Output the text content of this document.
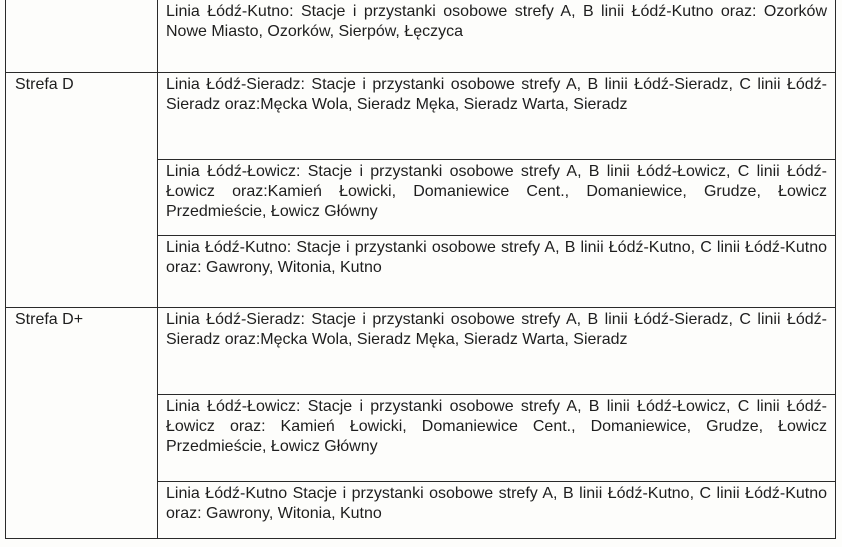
	Linia Łódź-Kutno: Stacje i przystanki osobowe strefy A, B linii Łódź-Kutno oraz: Ozorków Nowe Miasto, Ozorków, Sierpów, Łęczyca

Strefa D	Linia Łódź-Sieradz: Stacje i przystanki osobowe strefy A, B linii Łódź-Sieradz, C linii Łódź-Sieradz oraz:Męcka Wola, Sieradz Męka, Sieradz Warta, Sieradz
	Linia Łódź-Łowicz: Stacje i przystanki osobowe strefy A, B linii Łódź-Łowicz, C linii Łódź-Łowicz oraz:Kamień Łowicki, Domaniewice Cent., Domaniewice, Grudze, Łowicz Przedmieście, Łowicz Główny
	Linia Łódź-Kutno: Stacje i przystanki osobowe strefy A, B linii Łódź-Kutno, C linii Łódź-Kutno oraz: Gawrony, Witonia, Kutno

Strefa D+	Linia Łódź-Sieradz: Stacje i przystanki osobowe strefy A, B linii Łódź-Sieradz, C linii Łódź-Sieradz oraz:Męcka Wola, Sieradz Męka, Sieradz Warta, Sieradz
	Linia Łódź-Łowicz: Stacje i przystanki osobowe strefy A, B linii Łódź-Łowicz, C linii Łódź-Łowicz oraz: Kamień Łowicki, Domaniewice Cent., Domaniewice, Grudze, Łowicz Przedmieście, Łowicz Główny
	Linia Łódź-Kutno Stacje i przystanki osobowe strefy A, B linii Łódź-Kutno, C linii Łódź-Kutno oraz: Gawrony, Witonia, Kutno
